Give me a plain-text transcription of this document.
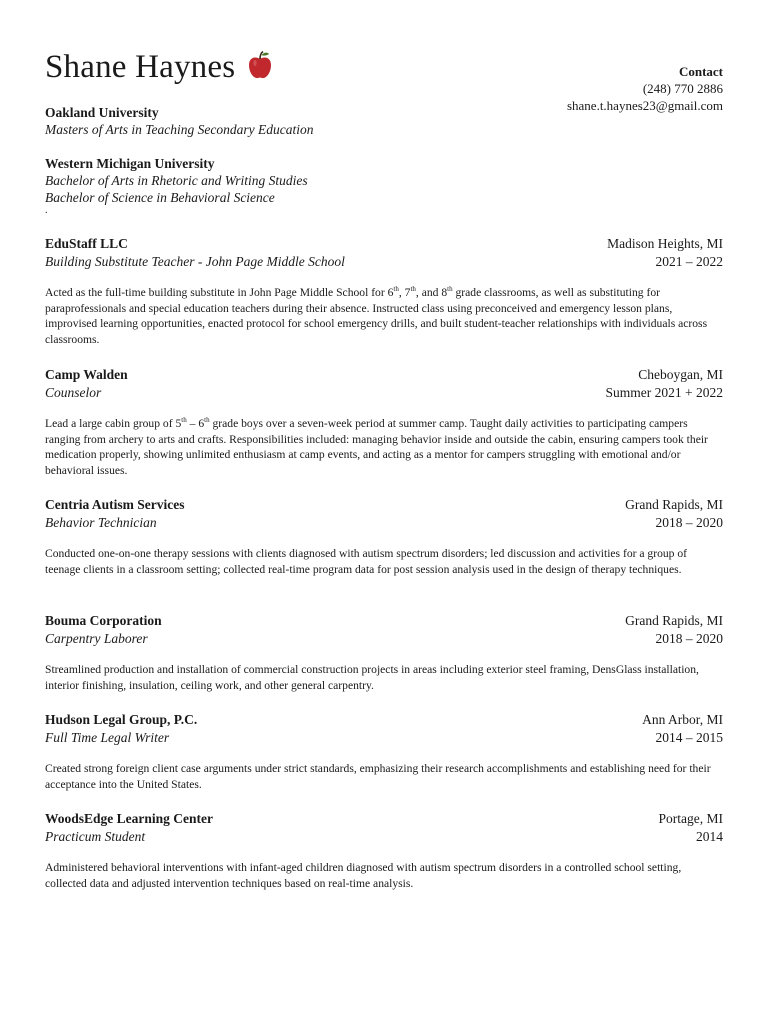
Shane Haynes	Contact
(248) 770 2886
shane.t.haynes23@gmail.com
Oakland University
Masters of Arts in Teaching Secondary Education
Western Michigan University
Bachelor of Arts in Rhetoric and Writing Studies
Bachelor of Science in Behavioral Science
.
EduStaff LLC	Madison Heights, MI
Building Substitute Teacher - John Page Middle School	2021 – 2022
Acted as the full-time building substitute in John Page Middle School for 6th, 7th, and 8th grade classrooms, as well as substituting for paraprofessionals and special education teachers during their absence. Instructed class using preconceived and emergency lesson plans, improvised learning opportunities, enacted protocol for school emergency drills, and built student-teacher relationships with individuals across classrooms.
Camp Walden	Cheboygan, MI
Counselor	Summer 2021 + 2022
Lead a large cabin group of 5th – 6th grade boys over a seven-week period at summer camp. Taught daily activities to participating campers ranging from archery to arts and crafts. Responsibilities included: managing behavior inside and outside the cabin, ensuring campers took their medication properly, showing unlimited enthusiasm at camp events, and acting as a mentor for campers struggling with emotional and/or behavioral issues.
Centria Autism Services	Grand Rapids, MI
Behavior Technician	2018 – 2020
Conducted one-on-one therapy sessions with clients diagnosed with autism spectrum disorders; led discussion and activities for a group of teenage clients in a classroom setting; collected real-time program data for post session analysis used in the design of therapy techniques.
Bouma Corporation	Grand Rapids, MI
Carpentry Laborer	2018 – 2020
Streamlined production and installation of commercial construction projects in areas including exterior steel framing, DensGlass installation, interior finishing, insulation, ceiling work, and other general carpentry.
Hudson Legal Group, P.C.	Ann Arbor, MI
Full Time Legal Writer	2014 – 2015
Created strong foreign client case arguments under strict standards, emphasizing their research accomplishments and establishing need for their acceptance into the United States.
WoodsEdge Learning Center	Portage, MI
Practicum Student	2014
Administered behavioral interventions with infant-aged children diagnosed with autism spectrum disorders in a controlled school setting, collected data and adjusted intervention techniques based on real-time analysis.
